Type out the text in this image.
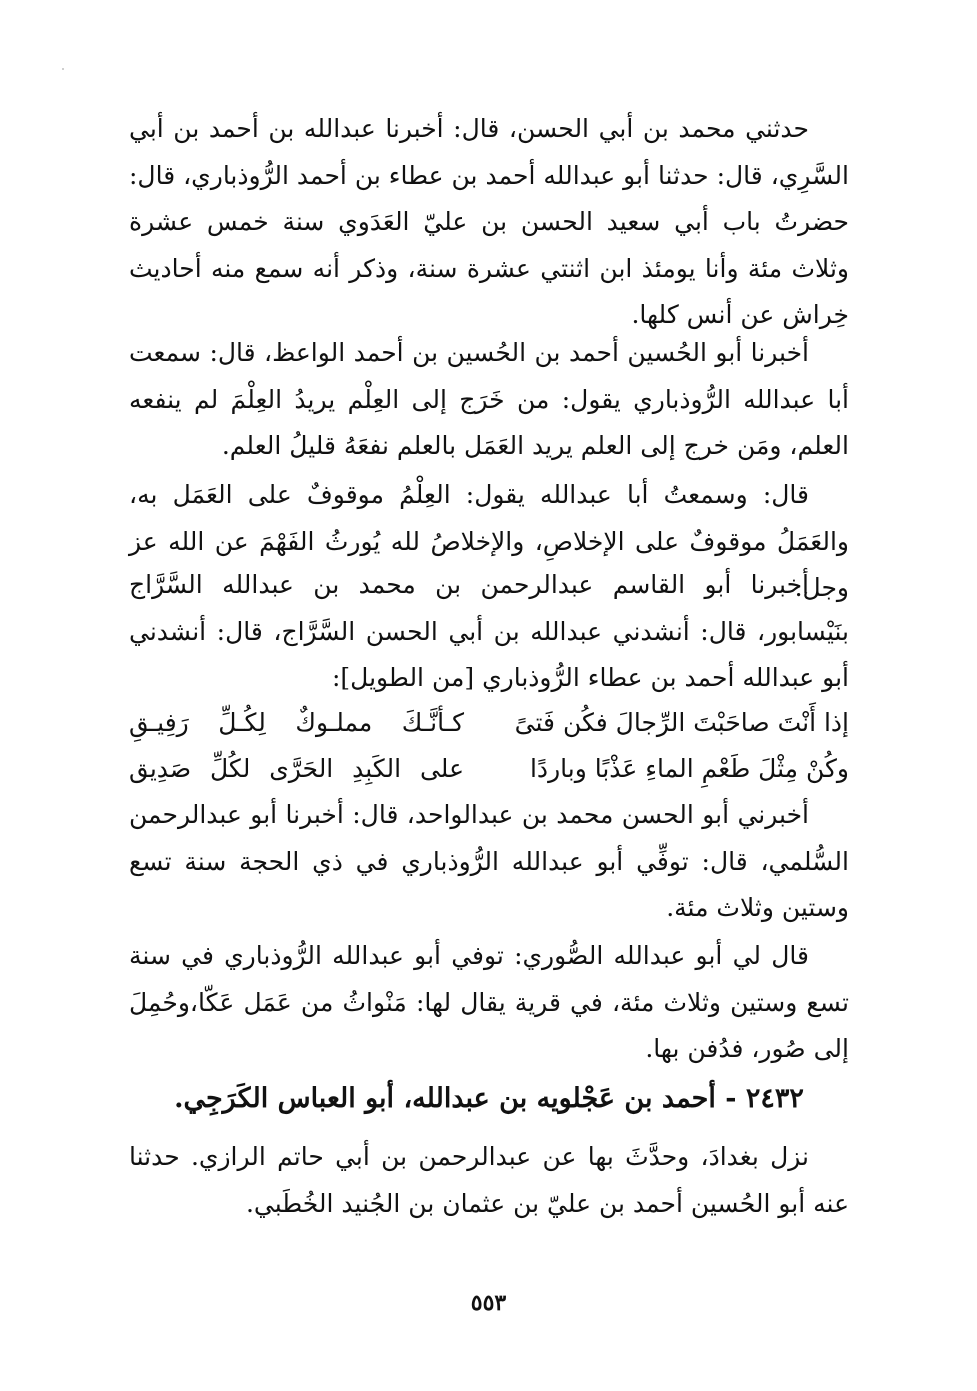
حدثني محمد بن أبي الحسن، قال: أخبرنا عبدالله بن أحمد بن أبي السَّرِي، قال: حدثنا أبو عبدالله أحمد بن عطاء بن أحمد الرُّوذباري، قال: حضرتُ باب أبي سعيد الحسن بن عليّ العَدَوي سنة خمس عشرة وثلاث مئة وأنا يومئذ ابن اثنتي عشرة سنة، وذكر أنه سمع منه أحاديث خِراش عن أنس كلها.

أخبرنا أبو الحُسين أحمد بن الحُسين بن أحمد الواعظ، قال: سمعت أبا عبدالله الرُّوذباري يقول: من خَرَج إلى العِلْم يريدُ العِلْمَ لم ينفعه العلم، ومَن خرج إلى العلم يريد العَمَل بالعلم نفعَهُ قليلُ العلم.

قال: وسمعتُ أبا عبدالله يقول: العِلْمُ موقوفٌ على العَمَل به، والعَمَلُ موقوفٌ على الإخلاصِ، والإخلاصُ لله يُورثُ الفَهْمَ عن الله عز وجل.

أخبرنا أبو القاسم عبدالرحمن بن محمد بن عبدالله السَّرَّاج بنَيْسابور، قال: أنشدني عبدالله بن أبي الحسن السَّرَّاج، قال: أنشدني أبو عبدالله أحمد بن عطاء الرُّوذباري [من الطويل]:

إذا أَنْتَ صاحَبْتَ الرِّجالَ فكُن فَتىً
كـأنَّـكَ مملـوكٌ لِكُـلِّ رَفِيـقِ
وكُنْ مِثْلَ طَعْمِ الماءِ عَذْبًا وباردًا
على الكَبِدِ الحَرَّى لكُلِّ صَدِيق

أخبرني أبو الحسن محمد بن عبدالواحد، قال: أخبرنا أبو عبدالرحمن السُّلمي، قال: توفِّي أبو عبدالله الرُّوذباري في ذي الحجة سنة تسع وستين وثلاث مئة.

قال لي أبو عبدالله الصُّوري: توفي أبو عبدالله الرُّوذباري في سنة تسع وستين وثلاث مئة، في قرية يقال لها: مَنْواثُ من عَمَل عَكّا،وحُمِلَ إلى صُور، فدُفن بها.

٢٤٣٢ - أحمد بن عَجْلويه بن عبدالله، أبو العباس الكَرَجِي.

نزل بغدادَ، وحدَّثَ بها عن عبدالرحمن بن أبي حاتم الرازي. حدثنا عنه أبو الحُسين أحمد بن عليّ بن عثمان بن الجُنيد الخُطَبي.

٥٥٣
